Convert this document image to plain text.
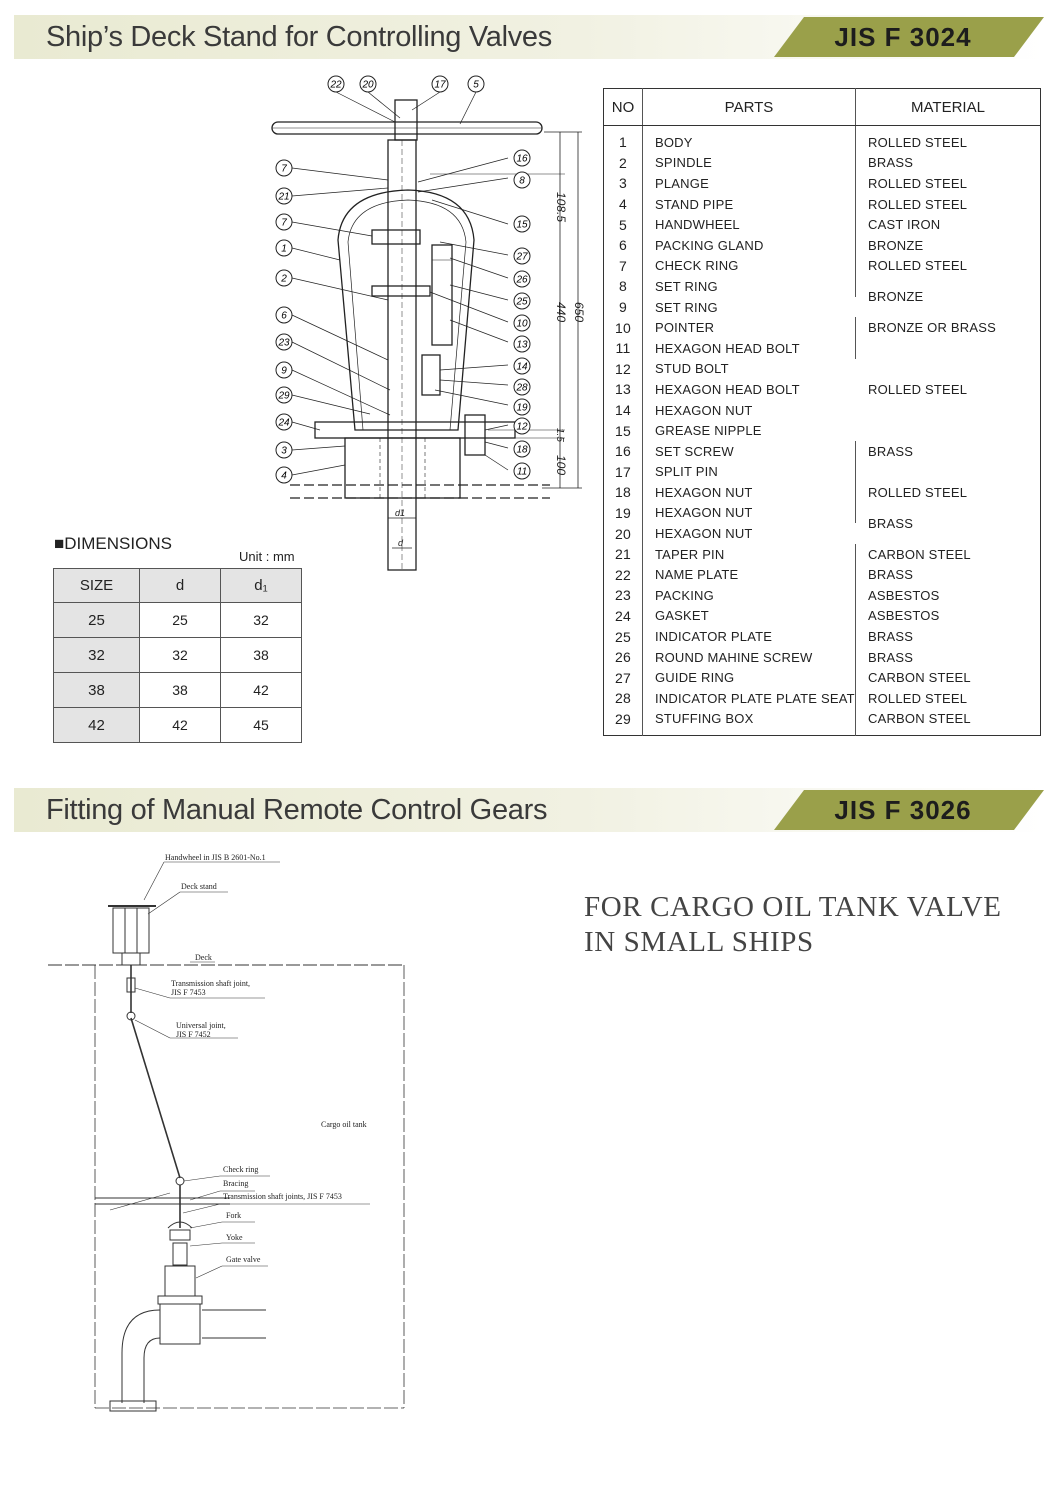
Ship’s Deck Stand for Controlling Valves	JIS F 3024
7
21
7
1
2
6
23
9
29
24
3
4
22 20	17	5
16
8
15
27
26
25
10
13
14
28
19
12
18
11
108.5
440 650
1.5
100
d1
d
NO	PARTS	MATERIAL
1	BODY	ROLLED STEEL
2	SPINDLE	BRASS
3	PLANGE	ROLLED STEEL
4	STAND PIPE	ROLLED STEEL
5	HANDWHEEL	CAST IRON
6	PACKING GLAND	BRONZE
7	CHECK RING	ROLLED STEEL
8	SET RING	BRONZE
9	SET RING	
10	POINTER	BRONZE OR BRASS
11	HEXAGON HEAD BOLT	ROLLED STEEL
12	STUD BOLT	
13	HEXAGON HEAD BOLT	
14	HEXAGON NUT	
15	GREASE NIPPLE	
16	SET SCREW	BRASS
17	SPLIT PIN	
18	HEXAGON NUT	ROLLED STEEL
19	HEXAGON NUT	BRASS
20	HEXAGON NUT	
21	TAPER PIN	CARBON STEEL
22	NAME PLATE	BRASS
23	PACKING	ASBESTOS
24	GASKET	ASBESTOS
25	INDICATOR PLATE	BRASS
26	ROUND MAHINE SCREW	BRASS
27	GUIDE RING	CARBON STEEL
28	INDICATOR PLATE PLATE SEAT	ROLLED STEEL
29	STUFFING BOX	CARBON STEEL
■DIMENSIONS
Unit : mm
SIZE	d	d₁
25	25	32
32	32	38
38	38	42
42	42	45
Fitting of Manual Remote Control Gears	JIS F 3026
Handwheel in JIS B 2601-No.1
Deck stand
Deck
Transmission shaft joint,
JIS F 7453
Universal joint,
JIS F 7452
Cargo oil tank
Check ring
Bracing
Transmission shaft joints, JIS F 7453
Fork
Yoke
Gate valve
FOR CARGO OIL TANK VALVE
IN SMALL SHIPS
